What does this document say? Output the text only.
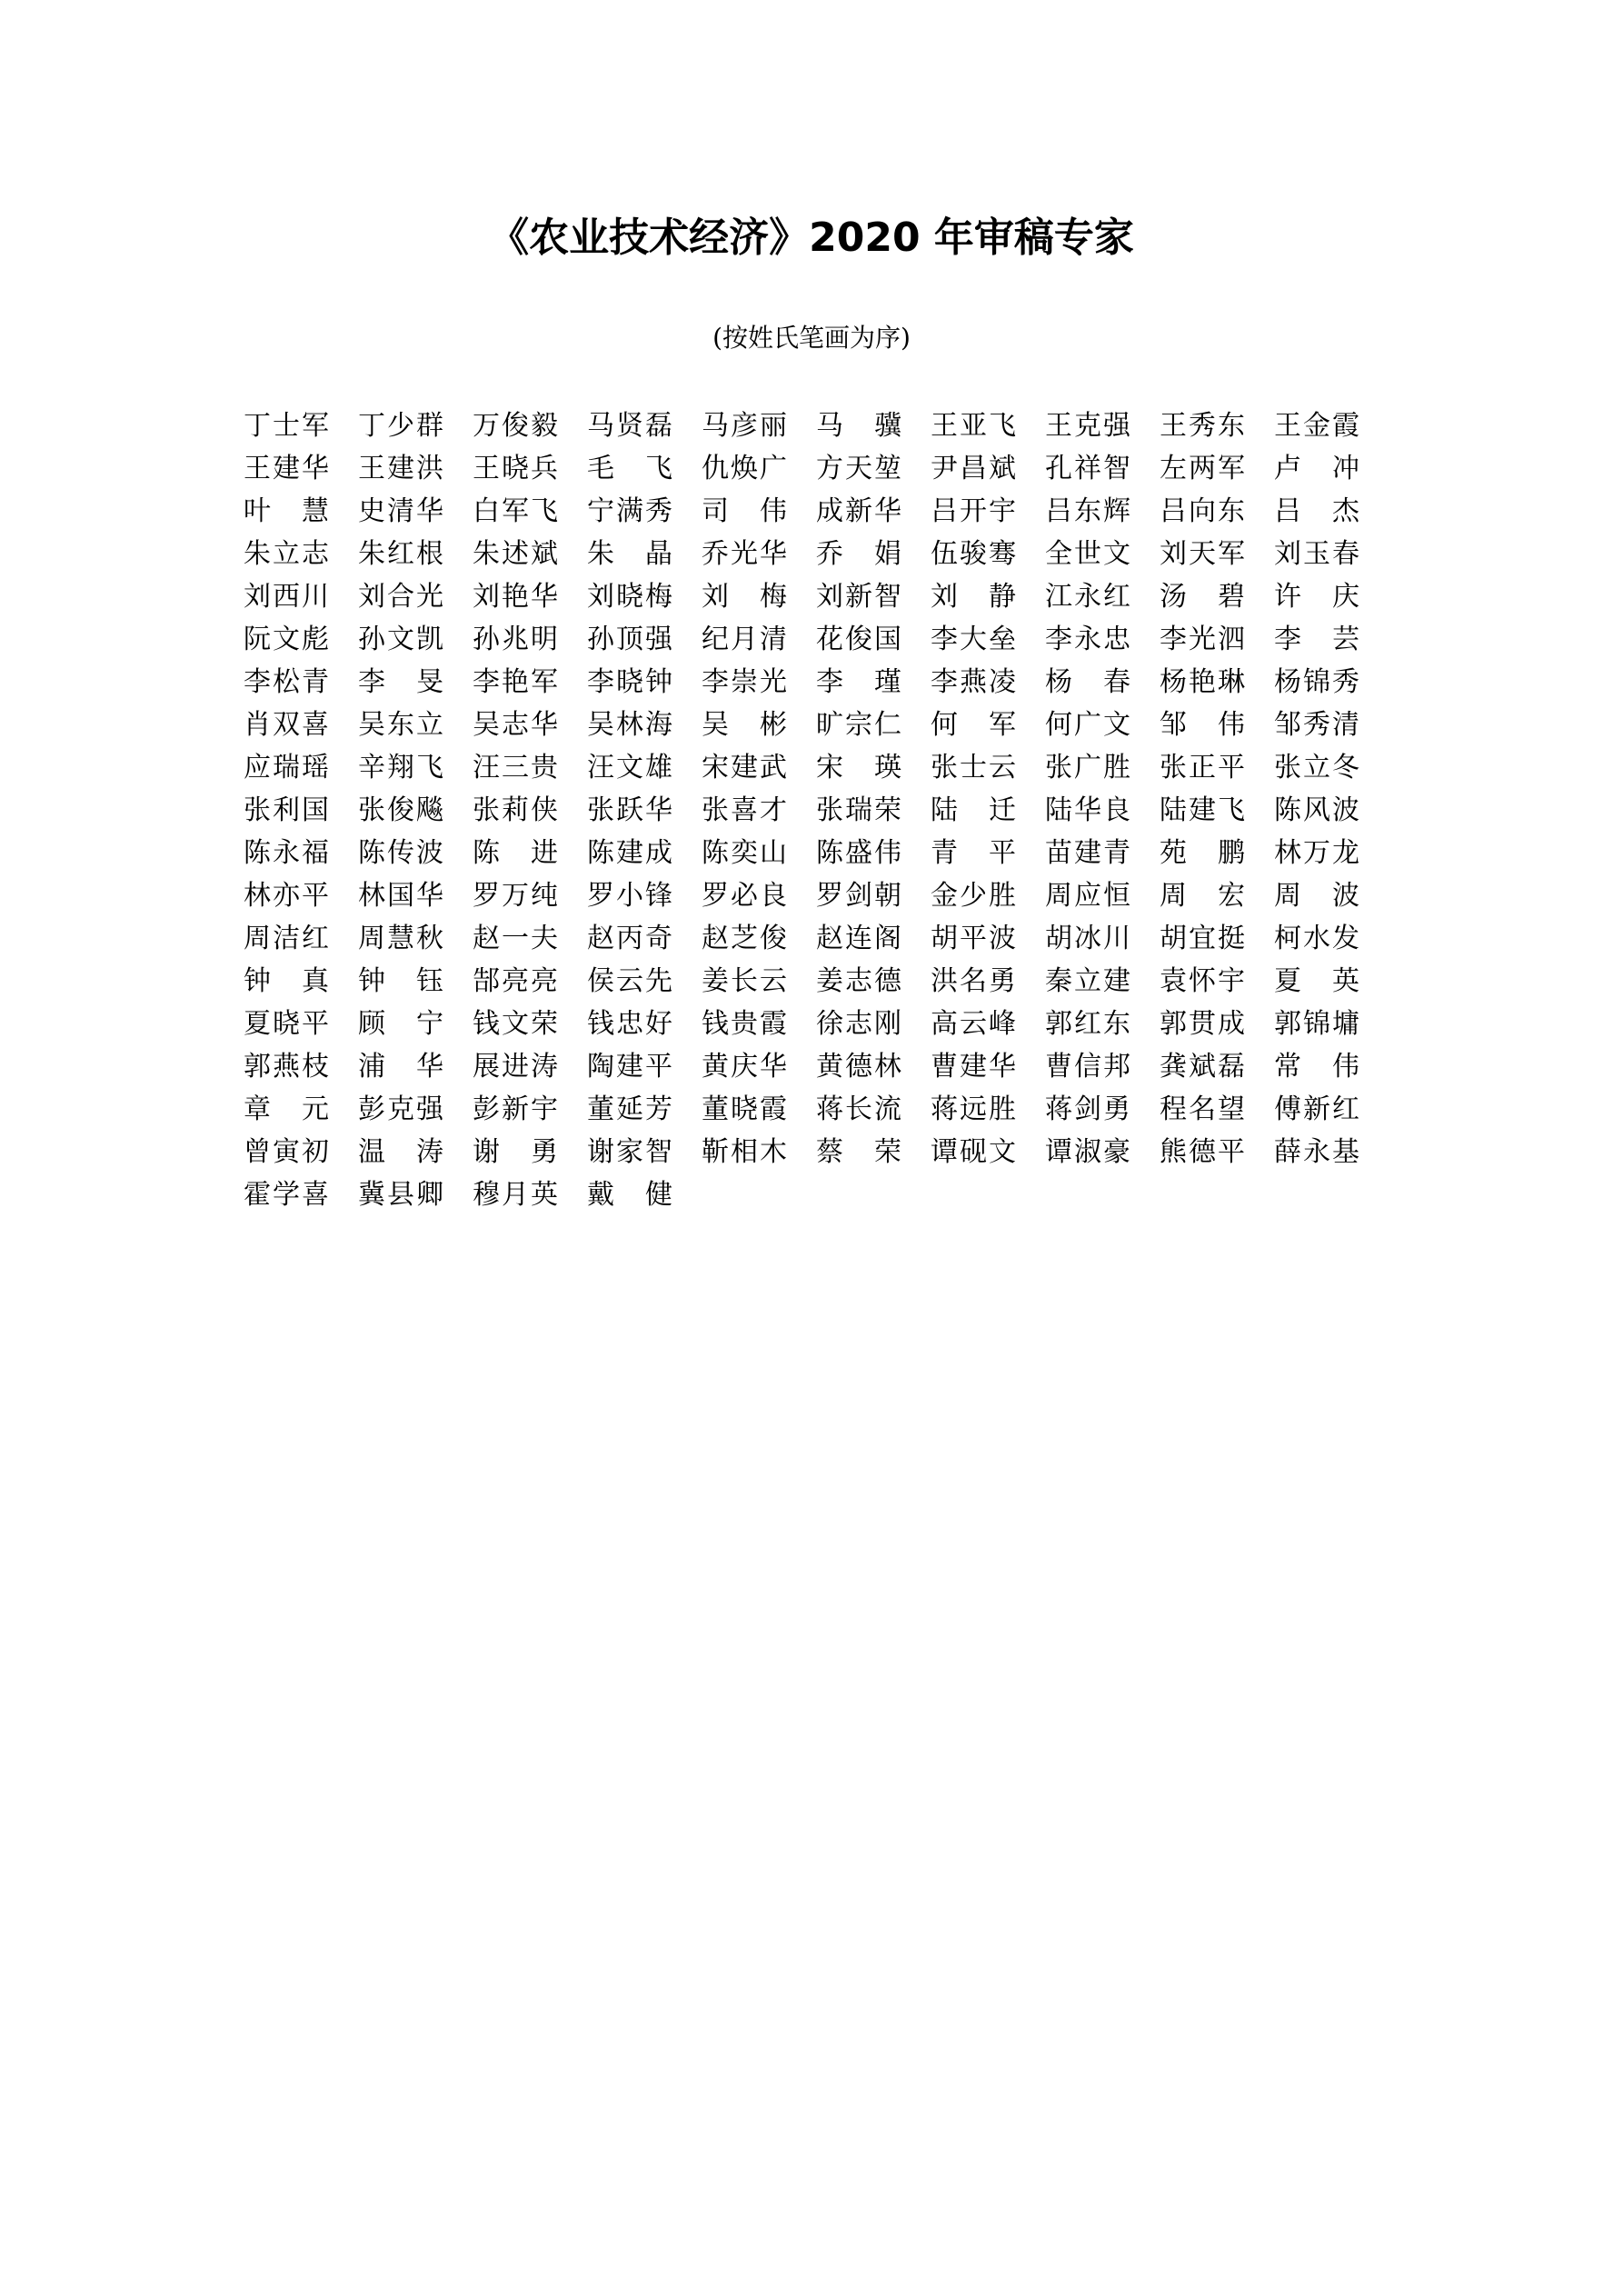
《农业技术经济》2020 年审稿专家
(按姓氏笔画为序)
丁士军 丁少群 万俊毅 马贤磊 马彦丽 马 骥 王亚飞 王克强 王秀东 王金霞
王建华 王建洪 王晓兵 毛 飞 仇焕广 方天堃 尹昌斌 孔祥智 左两军 卢 冲
叶 慧 史清华 白军飞 宁满秀 司 伟 成新华 吕开宇 吕东辉 吕向东 吕 杰
朱立志 朱红根 朱述斌 朱 晶 乔光华 乔 娟 伍骏骞 全世文 刘天军 刘玉春
刘西川 刘合光 刘艳华 刘晓梅 刘 梅 刘新智 刘 静 江永红 汤 碧 许 庆
阮文彪 孙文凯 孙兆明 孙顶强 纪月清 花俊国 李大垒 李永忠 李光泗 李 芸
李松青 李 旻 李艳军 李晓钟 李崇光 李 瑾 李燕凌 杨 春 杨艳琳 杨锦秀
肖双喜 吴东立 吴志华 吴林海 吴 彬 旷宗仁 何 军 何广文 邹 伟 邹秀清
应瑞瑶 辛翔飞 汪三贵 汪文雄 宋建武 宋 瑛 张士云 张广胜 张正平 张立冬
张利国 张俊飚 张莉侠 张跃华 张喜才 张瑞荣 陆 迁 陆华良 陆建飞 陈风波
陈永福 陈传波 陈 进 陈建成 陈奕山 陈盛伟 青 平 苗建青 苑 鹏 林万龙
林亦平 林国华 罗万纯 罗小锋 罗必良 罗剑朝 金少胜 周应恒 周 宏 周 波
周洁红 周慧秋 赵一夫 赵丙奇 赵芝俊 赵连阁 胡平波 胡冰川 胡宜挺 柯水发
钟 真 钟 钰 郜亮亮 侯云先 姜长云 姜志德 洪名勇 秦立建 袁怀宇 夏 英
夏晓平 顾 宁 钱文荣 钱忠好 钱贵霞 徐志刚 高云峰 郭红东 郭贯成 郭锦墉
郭燕枝 浦 华 展进涛 陶建平 黄庆华 黄德林 曹建华 曹信邦 龚斌磊 常 伟
章 元 彭克强 彭新宇 董延芳 董晓霞 蒋长流 蒋远胜 蒋剑勇 程名望 傅新红
曾寅初 温 涛 谢 勇 谢家智 靳相木 蔡 荣 谭砚文 谭淑豪 熊德平 薛永基
霍学喜 冀县卿 穆月英 戴 健
